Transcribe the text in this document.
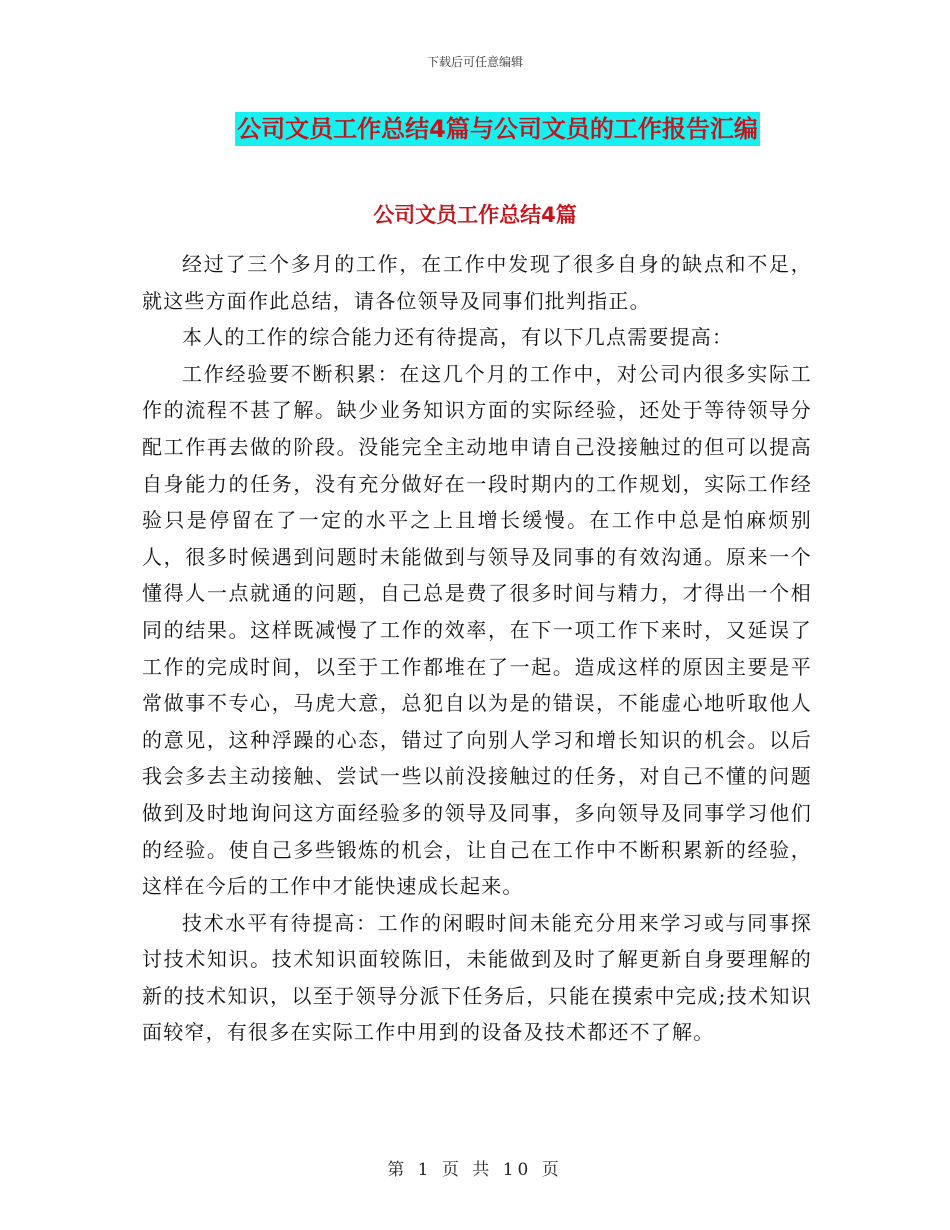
下载后可任意编辑
公司文员工作总结4篇与公司文员的工作报告汇编
公司文员工作总结4篇

经过了三个多月的工作，在工作中发现了很多自身的缺点和不足，就这些方面作此总结，请各位领导及同事们批判指正。

本人的工作的综合能力还有待提高，有以下几点需要提高：

工作经验要不断积累：在这几个月的工作中，对公司内很多实际工作的流程不甚了解。缺少业务知识方面的实际经验，还处于等待领导分配工作再去做的阶段。没能完全主动地申请自己没接触过的但可以提高自身能力的任务，没有充分做好在一段时期内的工作规划，实际工作经验只是停留在了一定的水平之上且增长缓慢。在工作中总是怕麻烦别人，很多时候遇到问题时未能做到与领导及同事的有效沟通。原来一个懂得人一点就通的问题，自己总是费了很多时间与精力，才得出一个相同的结果。这样既减慢了工作的效率，在下一项工作下来时，又延误了工作的完成时间，以至于工作都堆在了一起。造成这样的原因主要是平常做事不专心，马虎大意，总犯自以为是的错误，不能虚心地听取他人的意见，这种浮躁的心态，错过了向别人学习和增长知识的机会。以后我会多去主动接触、尝试一些以前没接触过的任务，对自己不懂的问题做到及时地询问这方面经验多的领导及同事，多向领导及同事学习他们的经验。使自己多些锻炼的机会，让自己在工作中不断积累新的经验，这样在今后的工作中才能快速成长起来。

技术水平有待提高：工作的闲暇时间未能充分用来学习或与同事探讨技术知识。技术知识面较陈旧，未能做到及时了解更新自身要理解的新的技术知识，以至于领导分派下任务后，只能在摸索中完成;技术知识面较窄，有很多在实际工作中用到的设备及技术都还不了解。

第 1 页 共 10 页
